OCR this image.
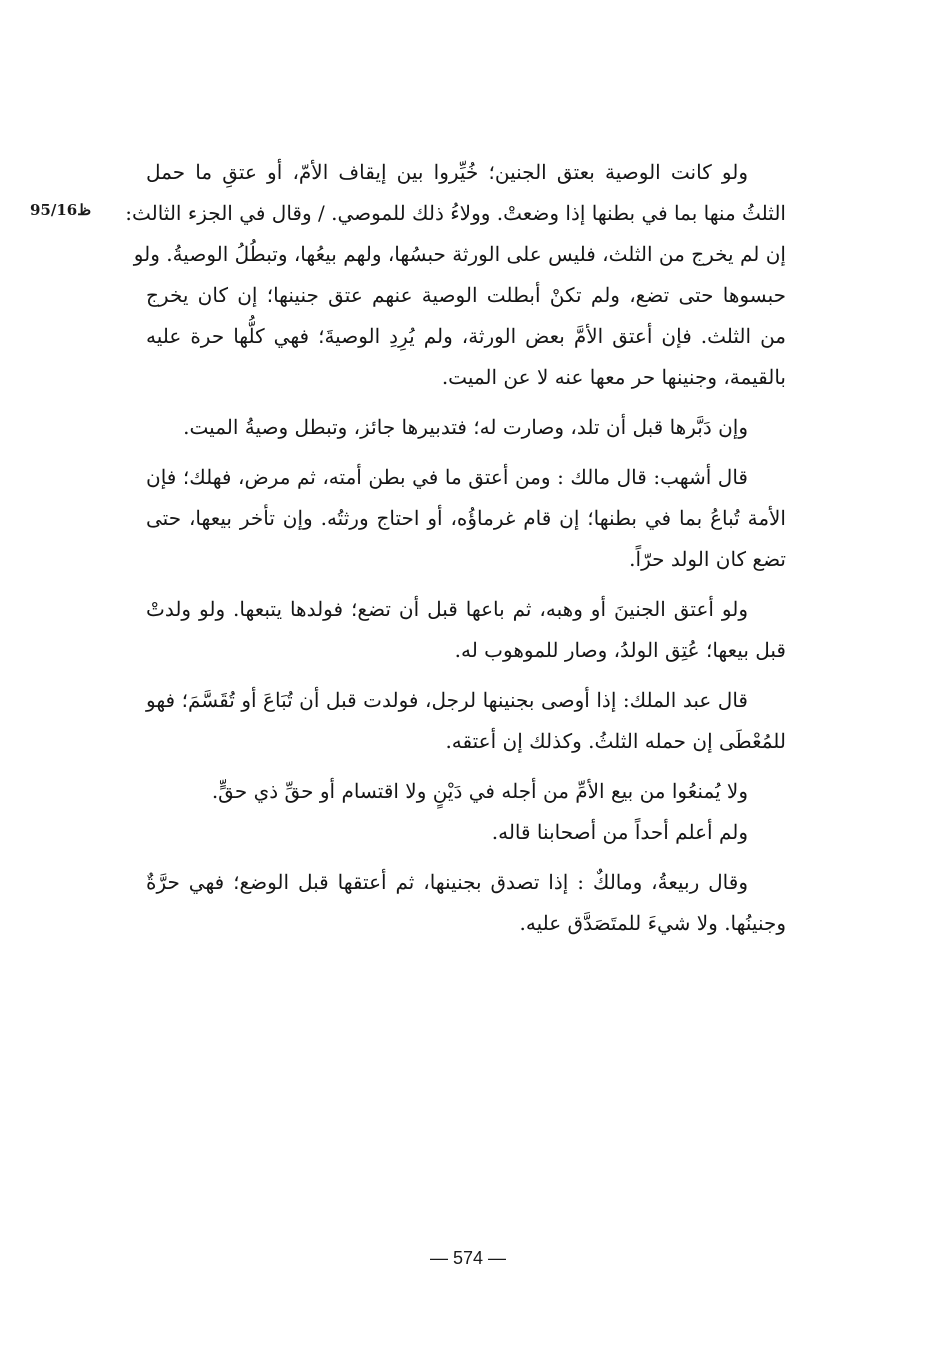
95/16ظ
ولو كانت الوصية بعتق الجنين؛ خُيِّروا بين إيقاف الأمّ، أو عتقِ ما حمل
الثلثُ منها بما في بطنها إذا وضعتْ. وولاءُ ذلك للموصي. / وقال في الجزء الثالث:
إن لم يخرج من الثلث، فليس على الورثة حبسُها، ولهم بيعُها، وتبطُلُ الوصيةُ. ولو
حبسوها حتى تضع، ولم تكنْ أبطلت الوصية عنهم عتق جنينها؛ إن كان يخرج
من الثلث. فإن أعتق الأمَّ بعض الورثة، ولم يُرِدِ الوصيةَ؛ فهي كلُّها حرة عليه
بالقيمة، وجنينها حر معها عنه لا عن الميت.
وإن دَبَّرها قبل أن تلد، وصارت له؛ فتدبيرها جائز، وتبطل وصيةُ الميت.
قال أشهب: قال مالك : ومن أعتق ما في بطن أمته، ثم مرض، فهلك؛ فإن
الأمة تُباعُ بما في بطنها؛ إن قام غرماؤُه، أو احتاج ورثتُه. وإن تأخر بيعها، حتى
تضع كان الولد حرّاً.
ولو أعتق الجنينَ أو وهبه، ثم باعها قبل أن تضع؛ فولدها يتبعها. ولو ولدتْ
قبل بيعها؛ عُتِق الولدُ، وصار للموهوب له.
قال عبد الملك: إذا أوصى بجنينها لرجل، فولدت قبل أن تُبَاعَ أو تُقَسَّمَ؛ فهو
للمُعْطَى إن حمله الثلثُ. وكذلك إن أعتقه.
ولا يُمنعُوا من بيع الأمِّ من أجله في دَيْنٍ ولا اقتسام أو حقِّ ذي حقٍّ.
ولم أعلم أحداً من أصحابنا قاله.
وقال ربيعةُ، ومالكٌ : إذا تصدق بجنينها، ثم أعتقها قبل الوضع؛ فهي حرَّةٌ
وجنينُها. ولا شيءَ للمتَصَدَّق عليه.
— 574 —
